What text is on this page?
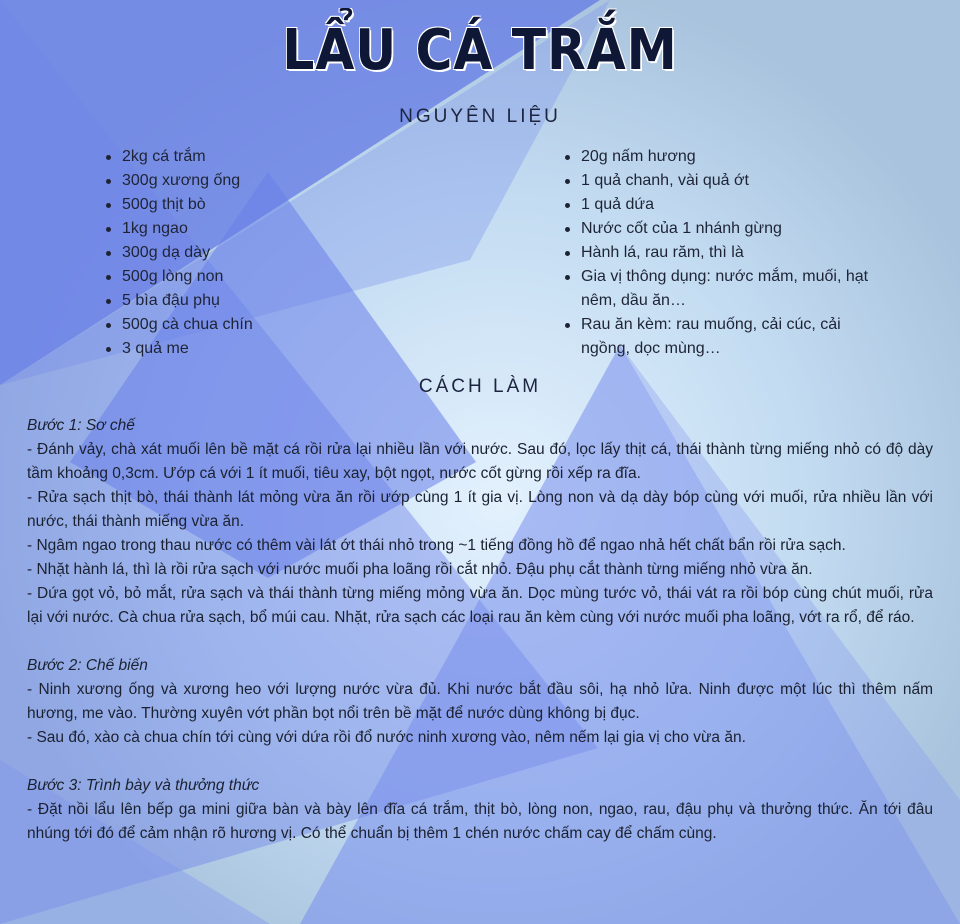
LẨU CÁ TRẮM
NGUYÊN LIỆU
2kg cá trắm
300g xương ống
500g thịt bò
1kg ngao
300g dạ dày
500g lòng non
5 bìa đậu phụ
500g cà chua chín
3 quả me
20g nấm hương
1 quả chanh, vài quả ớt
1 quả dứa
Nước cốt của 1 nhánh gừng
Hành lá, rau răm, thì là
Gia vị thông dụng: nước mắm, muối, hạt nêm, dầu ăn…
Rau ăn kèm: rau muống, cải cúc, cải ngồng, dọc mùng…
CÁCH LÀM

Bước 1: Sơ chế

- Đánh vảy, chà xát muối lên bề mặt cá rồi rửa lại nhiều lần với nước. Sau đó, lọc lấy thịt cá, thái thành từng miếng nhỏ có độ dày tầm khoảng 0,3cm. Ướp cá với 1 ít muối, tiêu xay, bột ngọt, nước cốt gừng rồi xếp ra đĩa.

- Rửa sạch thịt bò, thái thành lát mỏng vừa ăn rồi ướp cùng 1 ít gia vị. Lòng non và dạ dày bóp cùng với muối, rửa nhiều lần với nước, thái thành miếng vừa ăn.

- Ngâm ngao trong thau nước có thêm vài lát ớt thái nhỏ trong ~1 tiếng đồng hồ để ngao nhả hết chất bẩn rồi rửa sạch.

- Nhặt hành lá, thì là rồi rửa sạch với nước muối pha loãng rồi cắt nhỏ. Đậu phụ cắt thành từng miếng nhỏ vừa ăn.

- Dứa gọt vỏ, bỏ mắt, rửa sạch và thái thành từng miếng mỏng vừa ăn. Dọc mùng tước vỏ, thái vát ra rồi bóp cùng chút muối, rửa lại với nước. Cà chua rửa sạch, bổ múi cau. Nhặt, rửa sạch các loại rau ăn kèm cùng với nước muối pha loãng, vớt ra rổ, để ráo.

Bước 2: Chế biến

- Ninh xương ống và xương heo với lượng nước vừa đủ. Khi nước bắt đầu sôi, hạ nhỏ lửa. Ninh được một lúc thì thêm nấm hương, me vào. Thường xuyên vớt phần bọt nổi trên bề mặt để nước dùng không bị đục.

- Sau đó, xào cà chua chín tới cùng với dứa rồi đổ nước ninh xương vào, nêm nếm lại gia vị cho vừa ăn.

Bước 3: Trình bày và thưởng thức

- Đặt nồi lẩu lên bếp ga mini giữa bàn và bày lên đĩa cá trắm, thịt bò, lòng non, ngao, rau, đậu phụ và thưởng thức. Ăn tới đâu nhúng tới đó để cảm nhận rõ hương vị. Có thể chuẩn bị thêm 1 chén nước chấm cay để chấm cùng.
